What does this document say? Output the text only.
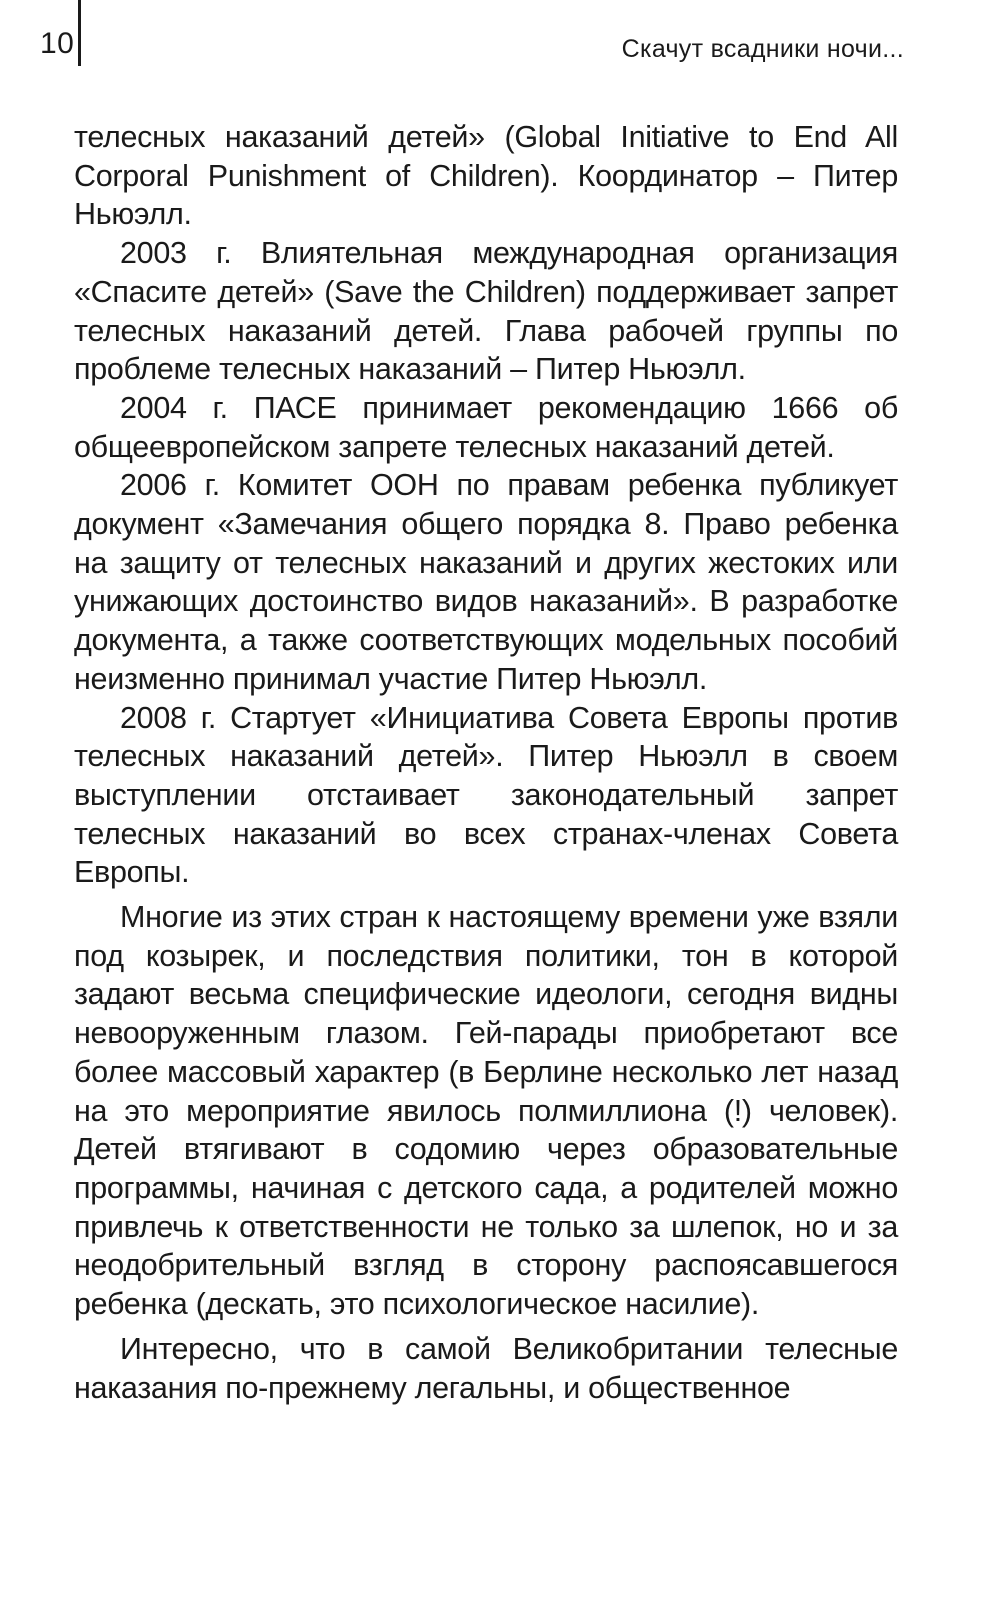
10	Скачут всадники ночи...

телесных наказаний детей» (Global Initiative to End All Corporal Punishment of Children). Координатор – Питер Ньюэлл.

2003 г. Влиятельная международная организация «Спасите детей» (Save the Children) поддерживает запрет телесных наказаний детей. Глава рабочей группы по проблеме телесных наказаний – Питер Ньюэлл.

2004 г. ПАСЕ принимает рекомендацию 1666 об общеевропейском запрете телесных наказаний детей.

2006 г. Комитет ООН по правам ребенка публикует документ «Замечания общего порядка 8. Право ребенка на защиту от телесных наказаний и других жестоких или унижающих достоинство видов наказаний». В разработке документа, а также соответствующих модельных пособий неизменно принимал участие Питер Ньюэлл.

2008 г. Стартует «Инициатива Совета Европы против телесных наказаний детей». Питер Ньюэлл в своем выступлении отстаивает законодательный запрет телесных наказаний во всех странах-членах Совета Европы.

Многие из этих стран к настоящему времени уже взяли под козырек, и последствия политики, тон в которой задают весьма специфические идеологи, сегодня видны невооруженным глазом. Гей-парады приобретают все более массовый характер (в Берлине несколько лет назад на это мероприятие явилось полмиллиона (!) человек). Детей втягивают в содомию через образовательные программы, начиная с детского сада, а родителей можно привлечь к ответственности не только за шлепок, но и за неодобрительный взгляд в сторону распоясавшегося ребенка (дескать, это психологическое насилие).

Интересно, что в самой Великобритании телесные наказания по-прежнему легальны, и общественное
